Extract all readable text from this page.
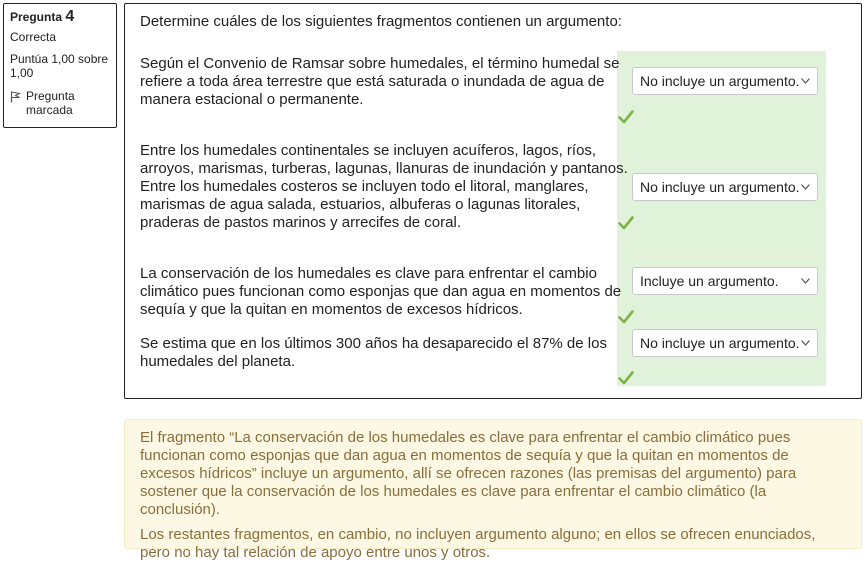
Pregunta 4
Correcta
Puntúa 1,00 sobre 1,00
Pregunta marcada
Determine cuáles de los siguientes fragmentos contienen un argumento:
Según el Convenio de Ramsar sobre humedales, el término humedal se
refiere a toda área terrestre que está saturada o inundada de agua de
manera estacional o permanente.
No incluye un argumento.
Entre los humedales continentales se incluyen acuíferos, lagos, ríos,
arroyos, marismas, turberas, lagunas, llanuras de inundación y pantanos.
Entre los humedales costeros se incluyen todo el litoral, manglares,
marismas de agua salada, estuarios, albuferas o lagunas litorales,
praderas de pastos marinos y arrecifes de coral.
No incluye un argumento.
La conservación de los humedales es clave para enfrentar el cambio
climático pues funcionan como esponjas que dan agua en momentos de
sequía y que la quitan en momentos de excesos hídricos.
Incluye un argumento.
Se estima que en los últimos 300 años ha desaparecido el 87% de los
humedales del planeta.
No incluye un argumento.

El fragmento “La conservación de los humedales es clave para enfrentar el cambio climático pues funcionan como esponjas que dan agua en momentos de sequía y que la quitan en momentos de excesos hídricos” incluye un argumento, allí se ofrecen razones (las premisas del argumento) para sostener que la conservación de los humedales es clave para enfrentar el cambio climático (la conclusión).

Los restantes fragmentos, en cambio, no incluyen argumento alguno; en ellos se ofrecen enunciados, pero no hay tal relación de apoyo entre unos y otros.
